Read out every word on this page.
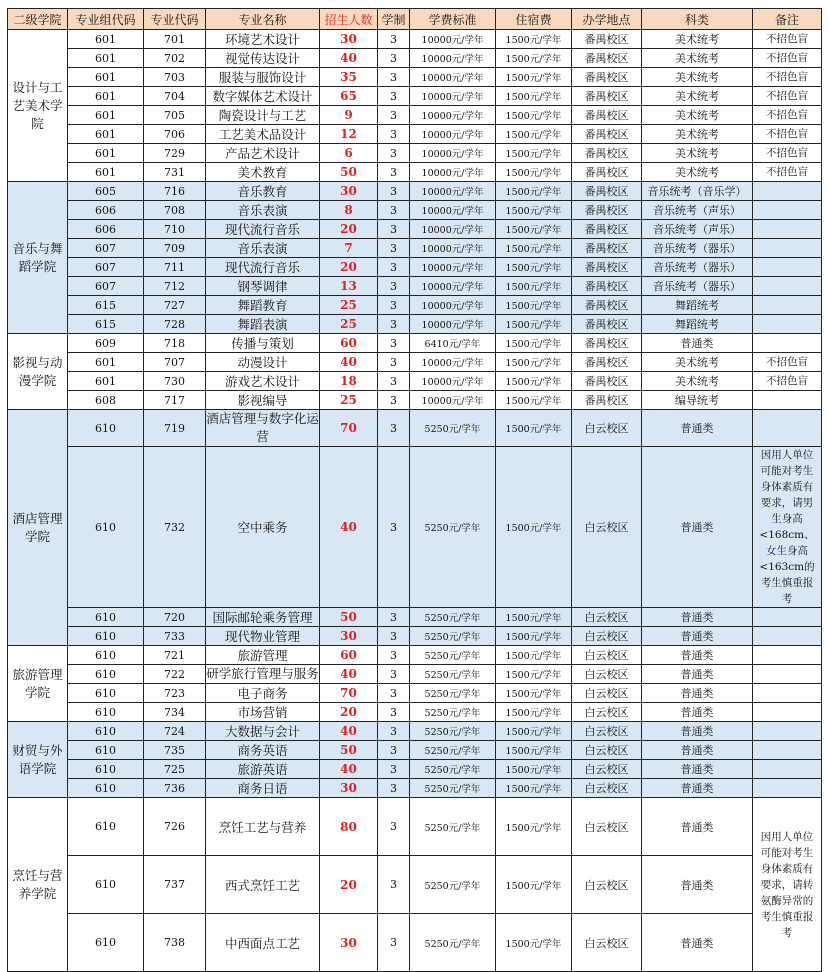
二级学院	专业组代码	专业代码	专业名称	招生人数	学制	学费标准	住宿费	办学地点	科类	备注
设计与工艺美术学院	601	701	环境艺术设计	30	3	10000元/学年	1500元/学年	番禺校区	美术统考	不招色盲
	601	702	视觉传达设计	40	3	10000元/学年	1500元/学年	番禺校区	美术统考	不招色盲
	601	703	服装与服饰设计	35	3	10000元/学年	1500元/学年	番禺校区	美术统考	不招色盲
	601	704	数字媒体艺术设计	65	3	10000元/学年	1500元/学年	番禺校区	美术统考	不招色盲
	601	705	陶瓷设计与工艺	9	3	10000元/学年	1500元/学年	番禺校区	美术统考	不招色盲
	601	706	工艺美术品设计	12	3	10000元/学年	1500元/学年	番禺校区	美术统考	不招色盲
	601	729	产品艺术设计	6	3	10000元/学年	1500元/学年	番禺校区	美术统考	不招色盲
	601	731	美术教育	50	3	10000元/学年	1500元/学年	番禺校区	美术统考	不招色盲
音乐与舞蹈学院	605	716	音乐教育	30	3	10000元/学年	1500元/学年	番禺校区	音乐统考（音乐学）	
	606	708	音乐表演	8	3	10000元/学年	1500元/学年	番禺校区	音乐统考（声乐）	
	606	710	现代流行音乐	20	3	10000元/学年	1500元/学年	番禺校区	音乐统考（声乐）	
	607	709	音乐表演	7	3	10000元/学年	1500元/学年	番禺校区	音乐统考（器乐）	
	607	711	现代流行音乐	20	3	10000元/学年	1500元/学年	番禺校区	音乐统考（器乐）	
	607	712	钢琴调律	13	3	10000元/学年	1500元/学年	番禺校区	音乐统考（器乐）	
	615	727	舞蹈教育	25	3	10000元/学年	1500元/学年	番禺校区	舞蹈统考	
	615	728	舞蹈表演	25	3	10000元/学年	1500元/学年	番禺校区	舞蹈统考	
影视与动漫学院	609	718	传播与策划	60	3	6410元/学年	1500元/学年	番禺校区	普通类	
	601	707	动漫设计	40	3	10000元/学年	1500元/学年	番禺校区	美术统考	不招色盲
	601	730	游戏艺术设计	18	3	10000元/学年	1500元/学年	番禺校区	美术统考	不招色盲
	608	717	影视编导	25	3	10000元/学年	1500元/学年	番禺校区	编导统考	
酒店管理学院	610	719	酒店管理与数字化运营	70	3	5250元/学年	1500元/学年	白云校区	普通类	
	610	732	空中乘务	40	3	5250元/学年	1500元/学年	白云校区	普通类	因用人单位可能对考生身体素质有要求，请男生身高<168cm、女生身高<163cm的考生慎重报考
	610	720	国际邮轮乘务管理	50	3	5250元/学年	1500元/学年	白云校区	普通类	
	610	733	现代物业管理	30	3	5250元/学年	1500元/学年	白云校区	普通类	
旅游管理学院	610	721	旅游管理	60	3	5250元/学年	1500元/学年	白云校区	普通类	
	610	722	研学旅行管理与服务	40	3	5250元/学年	1500元/学年	白云校区	普通类	
	610	723	电子商务	70	3	5250元/学年	1500元/学年	白云校区	普通类	
	610	734	市场营销	20	3	5250元/学年	1500元/学年	白云校区	普通类	
财贸与外语学院	610	724	大数据与会计	40	3	5250元/学年	1500元/学年	白云校区	普通类	
	610	735	商务英语	50	3	5250元/学年	1500元/学年	白云校区	普通类	
	610	725	旅游英语	40	3	5250元/学年	1500元/学年	白云校区	普通类	
	610	736	商务日语	30	3	5250元/学年	1500元/学年	白云校区	普通类	
烹饪与营养学院	610	726	烹饪工艺与营养	80	3	5250元/学年	1500元/学年	白云校区	普通类	因用人单位可能对考生身体素质有要求，请转氨酶异常的考生慎重报考
	610	737	西式烹饪工艺	20	3	5250元/学年	1500元/学年	白云校区	普通类	
	610	738	中西面点工艺	30	3	5250元/学年	1500元/学年	白云校区	普通类	
